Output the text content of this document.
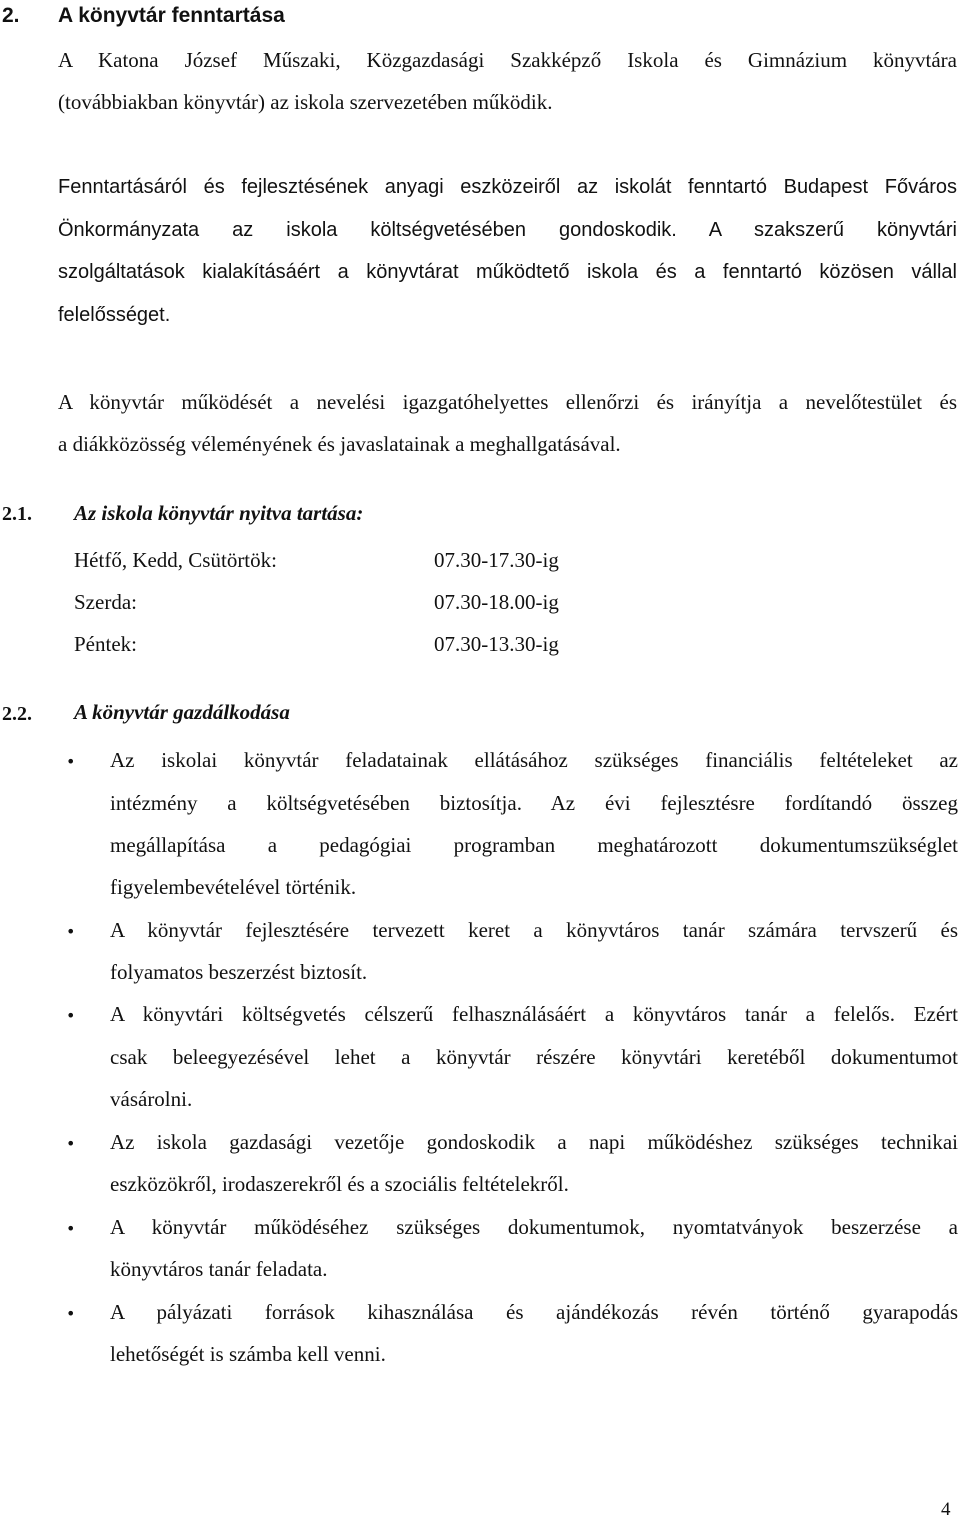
2. A könyvtár fenntartása
A Katona József Műszaki, Közgazdasági Szakképző Iskola és Gimnázium könyvtára
(továbbiakban könyvtár) az iskola szervezetében működik.
Fenntartásáról és fejlesztésének anyagi eszközeiről az iskolát fenntartó Budapest Főváros
Önkormányzata az iskola költségvetésében gondoskodik. A szakszerű könyvtári
szolgáltatások kialakításáért a könyvtárat működtető iskola és a fenntartó közösen vállal
felelősséget.
A könyvtár működését a nevelési igazgatóhelyettes ellenőrzi és irányítja a nevelőtestület és
a diákközösség véleményének és javaslatainak a meghallgatásával.
2.1. Az iskola könyvtár nyitva tartása:
Hétfő, Kedd, Csütörtök:	07.30-17.30-ig
Szerda:	07.30-18.00-ig
Péntek:	07.30-13.30-ig
2.2. A könyvtár gazdálkodása
• Az iskolai könyvtár feladatainak ellátásához szükséges financiális feltételeket az
intézmény a költségvetésében biztosítja. Az évi fejlesztésre fordítandó összeg
megállapítása a pedagógiai programban meghatározott dokumentumszükséglet
figyelembevételével történik.
• A könyvtár fejlesztésére tervezett keret a könyvtáros tanár számára tervszerű és
folyamatos beszerzést biztosít.
• A könyvtári költségvetés célszerű felhasználásáért a könyvtáros tanár a felelős. Ezért
csak beleegyezésével lehet a könyvtár részére könyvtári keretéből dokumentumot
vásárolni.
• Az iskola gazdasági vezetője gondoskodik a napi működéshez szükséges technikai
eszközökről, irodaszerekről és a szociális feltételekről.
• A könyvtár működéséhez szükséges dokumentumok, nyomtatványok beszerzése a
könyvtáros tanár feladata.
• A pályázati források kihasználása és ajándékozás révén történő gyarapodás
lehetőségét is számba kell venni.
4
